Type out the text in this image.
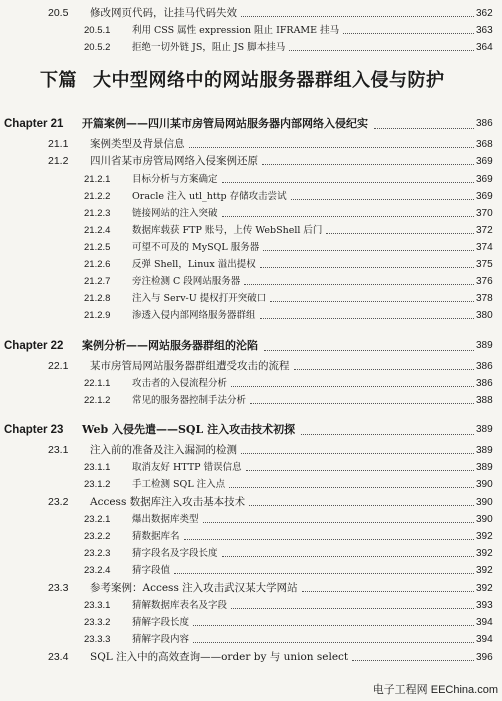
下篇 大中型网络中的网站服务器群组入侵与防护
20.5 修改网页代码，让挂马代码失效	362
20.5.1 利用 CSS 属性 expression 阻止 IFRAME 挂马	363
20.5.2 拒绝一切外链 JS，阻止 JS 脚本挂马	364
Chapter 21 开篇案例——四川某市房管局网站服务器内部网络入侵纪实	386
21.1 案例类型及背景信息	368
21.2 四川省某市房管局网络入侵案例还原	369
21.2.1 目标分析与方案确定	369
21.2.2 Oracle 注入 utl_http 存储攻击尝试	369
21.2.3 链接网站的注入突破	370
21.2.4 数据库载获 FTP 账号，上传 WebShell 后门	372
21.2.5 可望不可及的 MySQL 服务器	374
21.2.6 反弹 Shell，Linux 溢出提权	375
21.2.7 旁注检测 C 段网站服务器	376
21.2.8 注入与 Serv-U 提权打开突破口	378
21.2.9 渗透入侵内部网络服务器群组	380
Chapter 22 案例分析——网站服务器群组的沦陷	389
22.1 某市房管局网站服务器群组遭受攻击的流程	386
22.1.1 攻击者的入侵流程分析	386
22.1.2 常见的服务器控制手法分析	388
Chapter 23 Web 入侵先遣——SQL 注入攻击技术初探	389
23.1 注入前的准备及注入漏洞的检测	389
23.1.1 取消友好 HTTP 错误信息	389
23.1.2 手工检测 SQL 注入点	390
23.2 Access 数据库注入攻击基本技术	390
23.2.1 爆出数据库类型	390
23.2.2 猜数据库名	392
23.2.3 猜字段名及字段长度	392
23.2.4 猜字段值	392
23.3 参考案例：Access 注入攻击武汉某大学网站	392
23.3.1 猜解数据库表名及字段	393
23.3.2 猜解字段长度	394
23.3.3 猜解字段内容	394
23.4 SQL 注入中的高效查询——order by 与 union select	396
电子工程网 EEChina.com
